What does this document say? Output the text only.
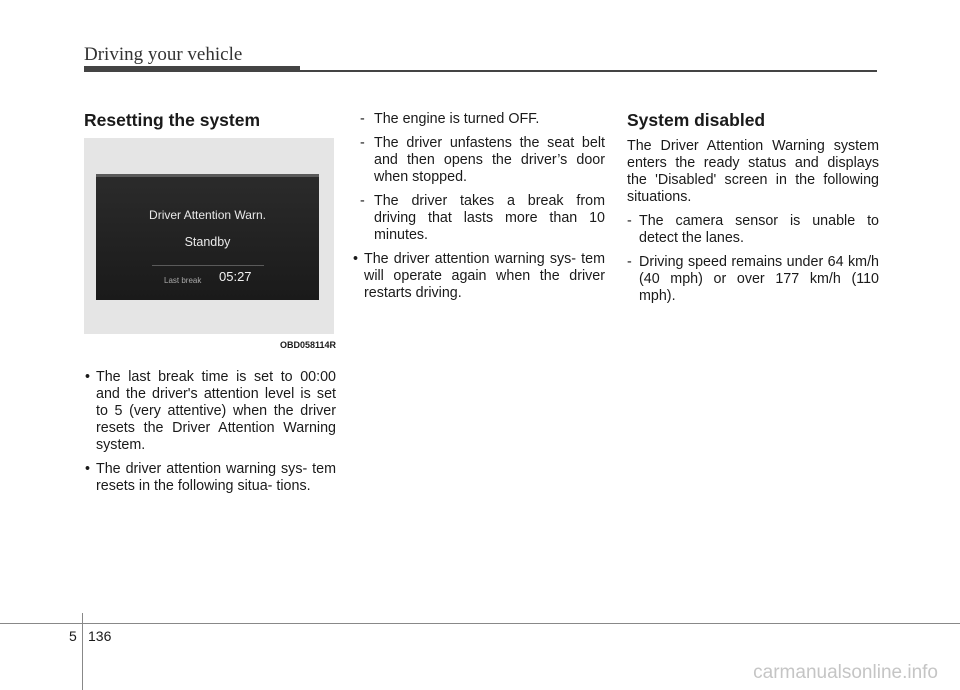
Driving your vehicle
Resetting the system
Driver Attention Warn.
Standby
Last break 05:27
OBD058114R
• The last break time is set to 00:00 and the driver's attention level is set to 5 (very attentive) when the driver resets the Driver Attention Warning system.
• The driver attention warning sys- tem resets in the following situa- tions.
- The engine is turned OFF.
- The driver unfastens the seat belt and then opens the driver’s door when stopped.
- The driver takes a break from driving that lasts more than 10 minutes.
• The driver attention warning sys- tem will operate again when the driver restarts driving.
System disabled

The Driver Attention Warning system enters the ready status and displays the 'Disabled' screen in the following situations.

- The camera sensor is unable to detect the lanes.
- Driving speed remains under 64 km/h (40 mph) or over 177 km/h (110 mph).
5 136
carmanualsonline.info
